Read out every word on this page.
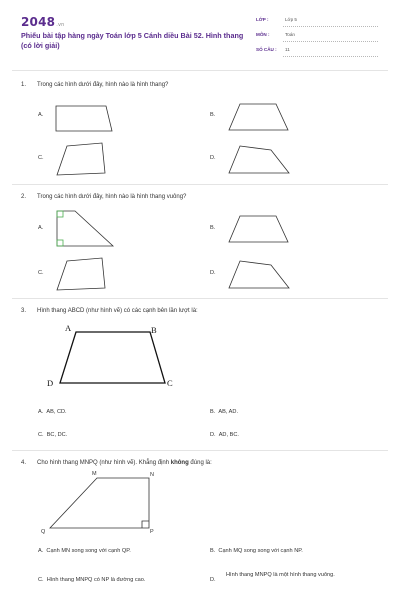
2048.vn
Phiếu bài tập hàng ngày Toán lớp 5 Cánh diều Bài 52. Hình thang (có lời giải)
LỚP :	Lớp 5
MÔN :	Toán
SỐ CÂU : 11
1. Trong các hình dưới đây, hình nào là hình thang?
A.	B.
C.	D.
2. Trong các hình dưới đây, hình nào là hình thang vuông?
A.	B.
C.	D.
3. Hình thang ABCD (như hình vẽ) có các cạnh bên lần lượt là:
A	B
C
D
A. AB, CD.	B. AB, AD.
C. BC, DC.	D. AD, BC.
4. Cho hình thang MNPQ (như hình vẽ). Khẳng định không đúng là:
M	N
P
Q
A. Cạnh MN song song với cạnh QP.	B. Cạnh MQ song song với cạnh NP.
C. Hình thang MNPQ có NP là đường cao.	D.
Hình thang MNPQ là một hình thang vuông.
